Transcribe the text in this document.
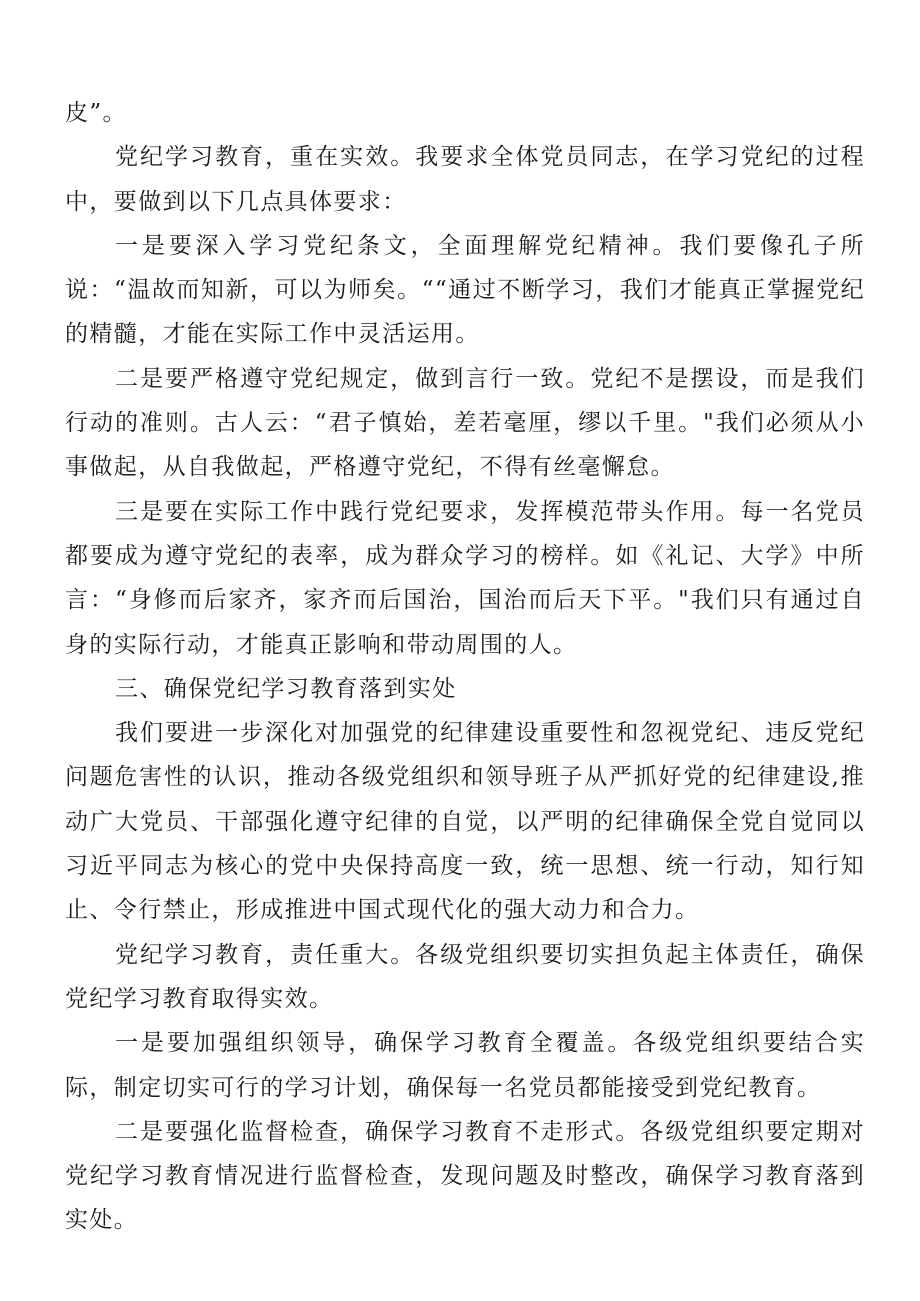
皮”。

党纪学习教育，重在实效。我要求全体党员同志，在学习党纪的过程中，要做到以下几点具体要求：

一是要深入学习党纪条文，全面理解党纪精神。我们要像孔子所说：“温故而知新，可以为师矣。““通过不断学习，我们才能真正掌握党纪的精髓，才能在实际工作中灵活运用。

二是要严格遵守党纪规定，做到言行一致。党纪不是摆设，而是我们行动的准则。古人云：“君子慎始，差若毫厘，缪以千里。"我们必须从小事做起，从自我做起，严格遵守党纪，不得有丝毫懈怠。

三是要在实际工作中践行党纪要求，发挥模范带头作用。每一名党员都要成为遵守党纪的表率，成为群众学习的榜样。如《礼记、大学》中所言：“身修而后家齐，家齐而后国治，国治而后天下平。"我们只有通过自身的实际行动，才能真正影响和带动周围的人。

三、确保党纪学习教育落到实处

我们要进一步深化对加强党的纪律建设重要性和忽视党纪、违反党纪问题危害性的认识，推动各级党组织和领导班子从严抓好党的纪律建设,推动广大党员、干部强化遵守纪律的自觉，以严明的纪律确保全党自觉同以习近平同志为核心的党中央保持高度一致，统一思想、统一行动，知行知止、令行禁止，形成推进中国式现代化的强大动力和合力。

党纪学习教育，责任重大。各级党组织要切实担负起主体责任，确保党纪学习教育取得实效。

一是要加强组织领导，确保学习教育全覆盖。各级党组织要结合实际，制定切实可行的学习计划，确保每一名党员都能接受到党纪教育。

二是要强化监督检查，确保学习教育不走形式。各级党组织要定期对党纪学习教育情况进行监督检查，发现问题及时整改，确保学习教育落到实处。
